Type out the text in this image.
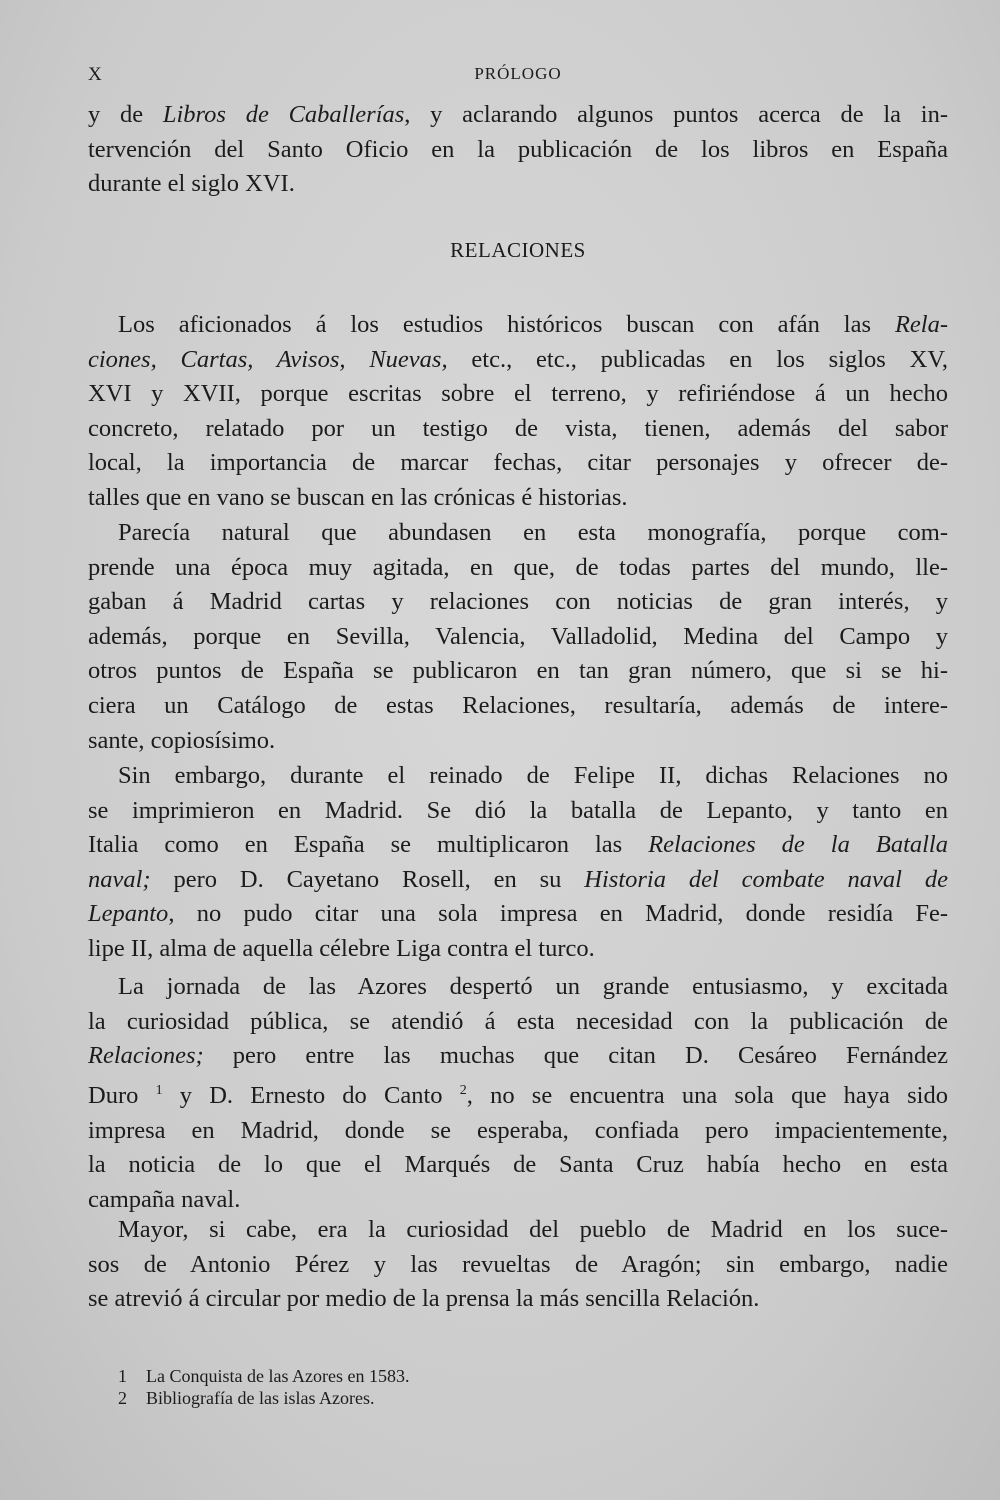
X	PRÓLOGO
y de Libros de Caballerías, y aclarando algunos puntos acerca de la in-
tervención del Santo Oficio en la publicación de los libros en España
durante el siglo XVI.
RELACIONES
Los aficionados á los estudios históricos buscan con afán las Rela-
ciones, Cartas, Avisos, Nuevas, etc., etc., publicadas en los siglos XV,
XVI y XVII, porque escritas sobre el terreno, y refiriéndose á un hecho
concreto, relatado por un testigo de vista, tienen, además del sabor
local, la importancia de marcar fechas, citar personajes y ofrecer de-
talles que en vano se buscan en las crónicas é historias.
Parecía natural que abundasen en esta monografía, porque com-
prende una época muy agitada, en que, de todas partes del mundo, lle-
gaban á Madrid cartas y relaciones con noticias de gran interés, y
además, porque en Sevilla, Valencia, Valladolid, Medina del Campo y
otros puntos de España se publicaron en tan gran número, que si se hi-
ciera un Catálogo de estas Relaciones, resultaría, además de intere-
sante, copiosísimo.
Sin embargo, durante el reinado de Felipe II, dichas Relaciones no
se imprimieron en Madrid. Se dió la batalla de Lepanto, y tanto en
Italia como en España se multiplicaron las Relaciones de la Batalla
naval; pero D. Cayetano Rosell, en su Historia del combate naval de
Lepanto, no pudo citar una sola impresa en Madrid, donde residía Fe-
lipe II, alma de aquella célebre Liga contra el turco.
La jornada de las Azores despertó un grande entusiasmo, y excitada
la curiosidad pública, se atendió á esta necesidad con la publicación de
Relaciones; pero entre las muchas que citan D. Cesáreo Fernández
Duro $^1$ y D. Ernesto do Canto $^2$, no se encuentra una sola que haya sido
impresa en Madrid, donde se esperaba, confiada pero impacientemente,
la noticia de lo que el Marqués de Santa Cruz había hecho en esta
campaña naval.
Mayor, si cabe, era la curiosidad del pueblo de Madrid en los suce-
sos de Antonio Pérez y las revueltas de Aragón; sin embargo, nadie
se atrevió á circular por medio de la prensa la más sencilla Relación.
1 La Conquista de las Azores en 1583.
2 Bibliografía de las islas Azores.
